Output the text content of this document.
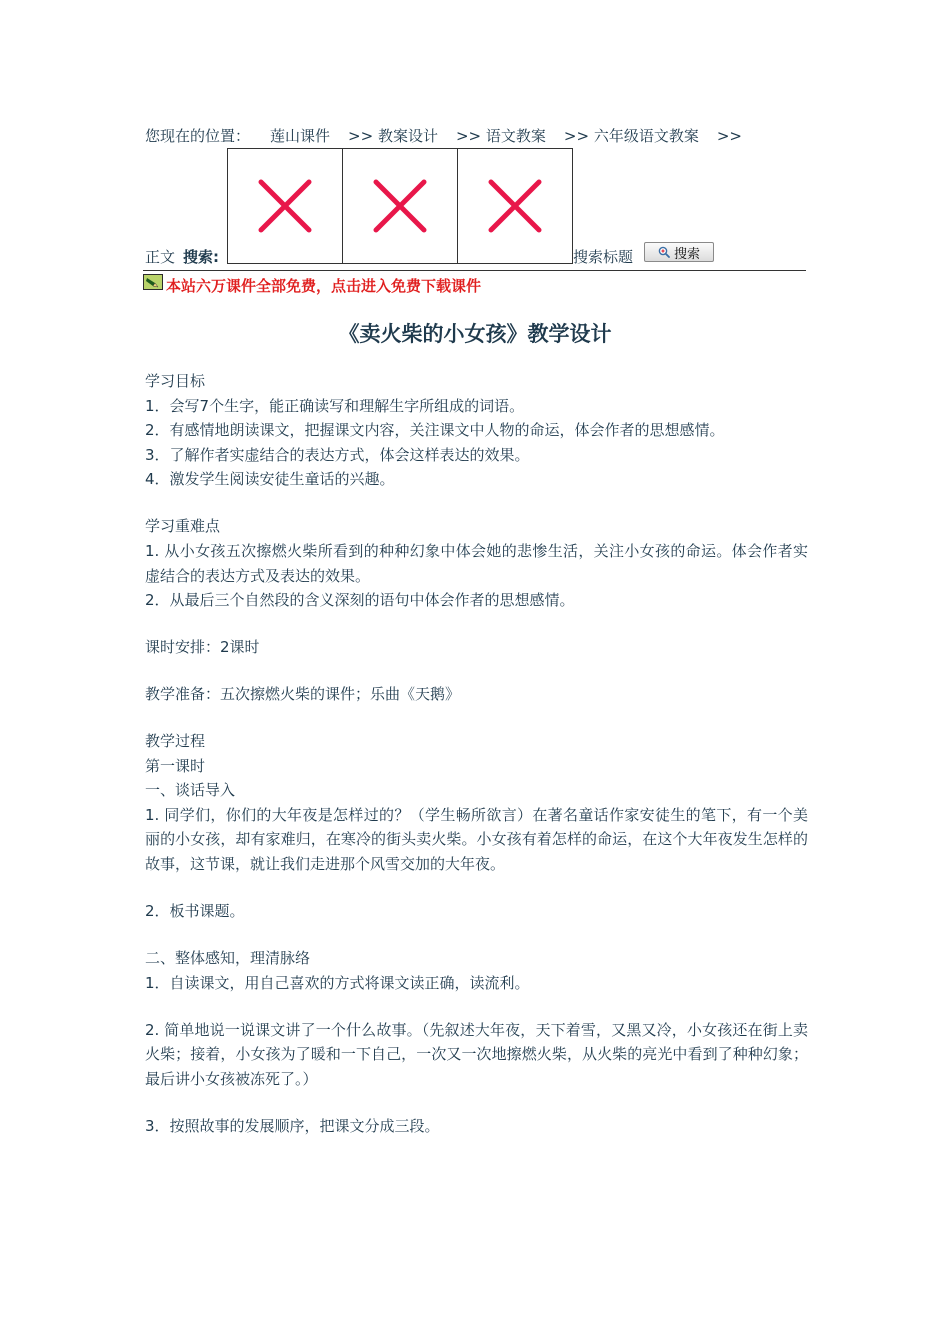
您现在的位置： 莲山课件 >> 教案设计 >> 语文教案 >> 六年级语文教案 >>
正文 搜索:	搜索标题	搜索
本站六万课件全部免费，点击进入免费下载课件
《卖火柴的小女孩》教学设计

学习目标

1．会写7个生字，能正确读写和理解生字所组成的词语。

2．有感情地朗读课文，把握课文内容，关注课文中人物的命运，体会作者的思想感情。

3．了解作者实虚结合的表达方式，体会这样表达的效果。

4．激发学生阅读安徒生童话的兴趣。

学习重难点

1. 从小女孩五次擦燃火柴所看到的种种幻象中体会她的悲惨生活，关注小女孩的命运。体会作者实虚结合的表达方式及表达的效果。

2．从最后三个自然段的含义深刻的语句中体会作者的思想感情。

课时安排：2课时

教学准备：五次擦燃火柴的课件；乐曲《天鹅》

教学过程

第一课时

一、谈话导入

1. 同学们，你们的大年夜是怎样过的？（学生畅所欲言）在著名童话作家安徒生的笔下，有一个美丽的小女孩，却有家难归，在寒冷的街头卖火柴。小女孩有着怎样的命运，在这个大年夜发生怎样的故事，这节课，就让我们走进那个风雪交加的大年夜。

2．板书课题。

二、整体感知，理清脉络

1．自读课文，用自己喜欢的方式将课文读正确，读流利。

2. 简单地说一说课文讲了一个什么故事。（先叙述大年夜，天下着雪，又黑又冷，小女孩还在街上卖火柴；接着，小女孩为了暖和一下自己，一次又一次地擦燃火柴，从火柴的亮光中看到了种种幻象；最后讲小女孩被冻死了。）

3．按照故事的发展顺序，把课文分成三段。
